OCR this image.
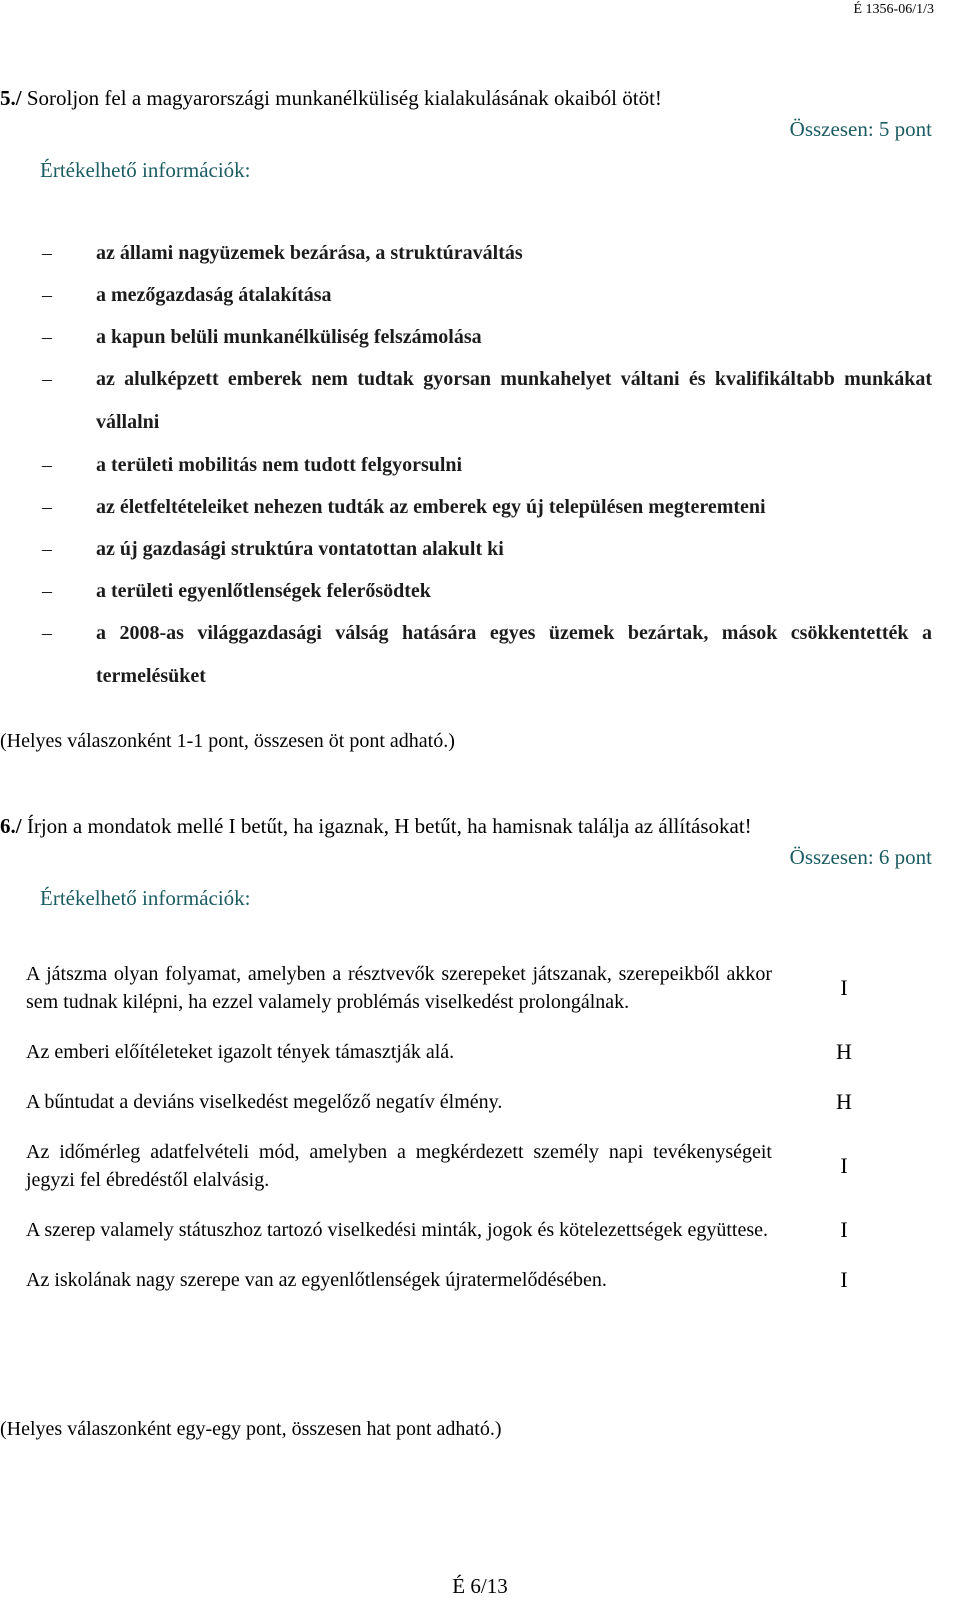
É 1356-06/1/3
5./ Soroljon fel a magyarországi munkanélküliség kialakulásának okaiból ötöt!
Összesen: 5 pont
Értékelhető információk:
– az állami nagyüzemek bezárása, a struktúraváltás
– a mezőgazdaság átalakítása
– a kapun belüli munkanélküliség felszámolása
– az alulképzett emberek nem tudtak gyorsan munkahelyet váltani és kvalifikáltabb munkákat vállalni
– a területi mobilitás nem tudott felgyorsulni
– az életfeltételeiket nehezen tudták az emberek egy új településen megteremteni
– az új gazdasági struktúra vontatottan alakult ki
– a területi egyenlőtlenségek felerősödtek
– a 2008-as világgazdasági válság hatására egyes üzemek bezártak, mások csökkentették a termelésüket
(Helyes válaszonként 1-1 pont, összesen öt pont adható.)
6./ Írjon a mondatok mellé I betűt, ha igaznak, H betűt, ha hamisnak találja az állításokat!
Összesen: 6 pont
Értékelhető információk:
A játszma olyan folyamat, amelyben a résztvevők szerepeket játszanak, szerepeikből akkor sem tudnak kilépni, ha ezzel valamely problémás viselkedést prolongálnak.	I

Az emberi előítéleteket igazolt tények támasztják alá.	H

A bűntudat a deviáns viselkedést megelőző negatív élmény.	H

Az időmérleg adatfelvételi mód, amelyben a megkérdezett személy napi tevékenységeit jegyzi fel ébredéstől elalvásig.	I

A szerep valamely státuszhoz tartozó viselkedési minták, jogok és kötelezettségek együttese.	I

Az iskolának nagy szerepe van az egyenlőtlenségek újratermelődésében.	I
(Helyes válaszonként egy-egy pont, összesen hat pont adható.)
É 6/13
